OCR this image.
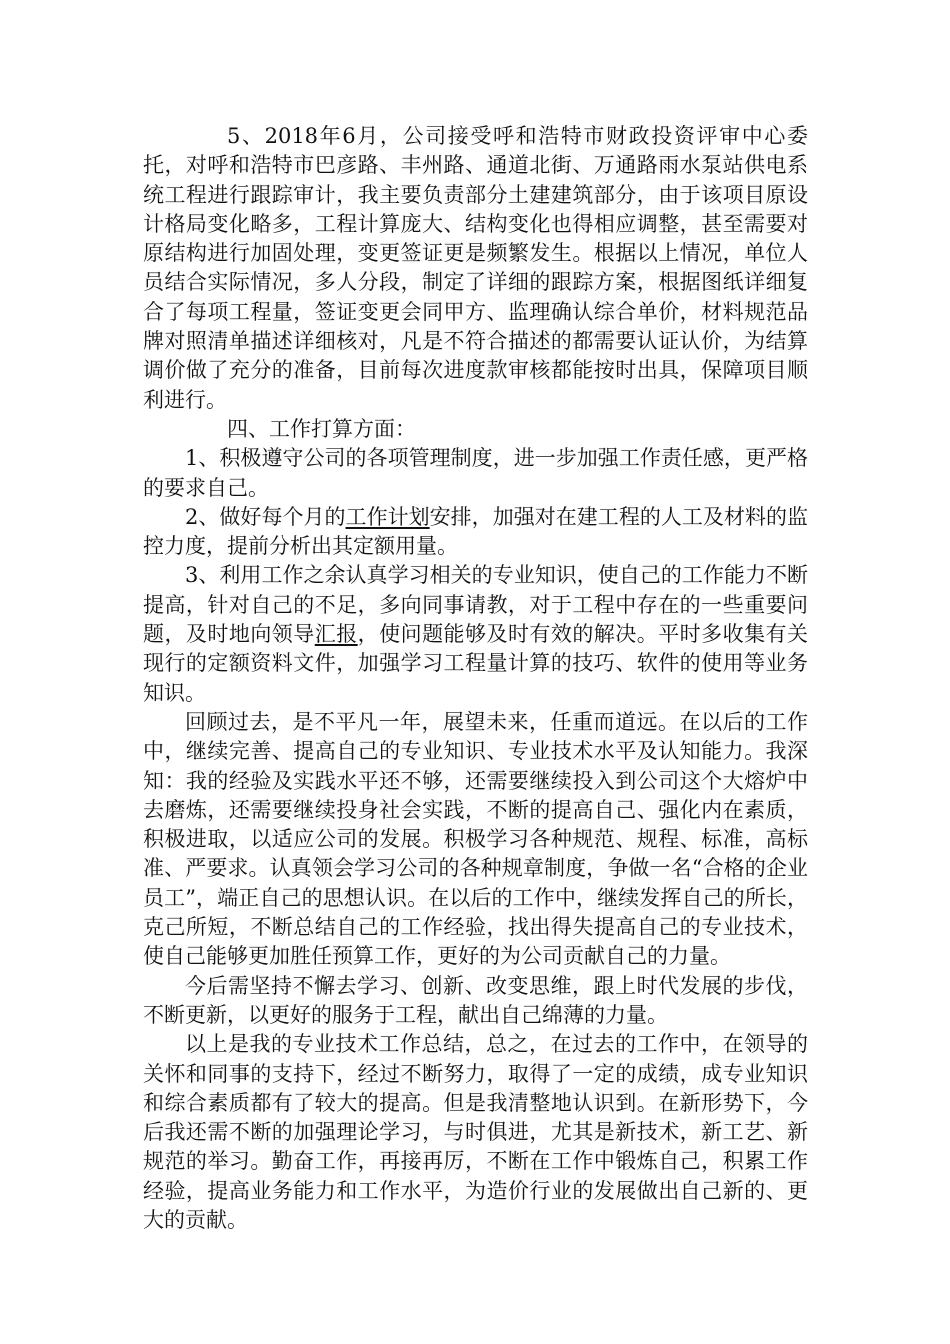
5、2018年6月，公司接受呼和浩特市财政投资评审中心委托，对呼和浩特市巴彦路、丰州路、通道北街、万通路雨水泵站供电系统工程进行跟踪审计，我主要负责部分土建建筑部分，由于该项目原设计格局变化略多，工程计算庞大、结构变化也得相应调整，甚至需要对原结构进行加固处理，变更签证更是频繁发生。根据以上情况，单位人员结合实际情况，多人分段，制定了详细的跟踪方案，根据图纸详细复合了每项工程量，签证变更会同甲方、监理确认综合单价，材料规范品牌对照清单描述详细核对，凡是不符合描述的都需要认证认价，为结算调价做了充分的准备，目前每次进度款审核都能按时出具，保障项目顺利进行。

四、工作打算方面：

1、积极遵守公司的各项管理制度，进一步加强工作责任感，更严格的要求自己。

2、做好每个月的工作计划安排，加强对在建工程的人工及材料的监控力度，提前分析出其定额用量。

3、利用工作之余认真学习相关的专业知识，使自己的工作能力不断提高，针对自己的不足，多向同事请教，对于工程中存在的一些重要问题，及时地向领导汇报，使问题能够及时有效的解决。平时多收集有关现行的定额资料文件，加强学习工程量计算的技巧、软件的使用等业务知识。

回顾过去，是不平凡一年，展望未来，任重而道远。在以后的工作中，继续完善、提高自己的专业知识、专业技术水平及认知能力。我深知：我的经验及实践水平还不够，还需要继续投入到公司这个大熔炉中去磨炼，还需要继续投身社会实践，不断的提高自己、强化内在素质，积极进取，以适应公司的发展。积极学习各种规范、规程、标准，高标准、严要求。认真领会学习公司的各种规章制度，争做一名“合格的企业员工”，端正自己的思想认识。在以后的工作中，继续发挥自己的所长，克己所短，不断总结自己的工作经验，找出得失提高自己的专业技术，使自己能够更加胜任预算工作，更好的为公司贡献自己的力量。

今后需坚持不懈去学习、创新、改变思维，跟上时代发展的步伐，不断更新，以更好的服务于工程，献出自己绵薄的力量。

以上是我的专业技术工作总结，总之，在过去的工作中，在领导的关怀和同事的支持下，经过不断努力，取得了一定的成绩，成专业知识和综合素质都有了较大的提高。但是我清整地认识到。在新形势下，今后我还需不断的加强理论学习，与时俱进，尤其是新技术，新工艺、新规范的举习。勤奋工作，再接再厉，不断在工作中锻炼自己，积累工作经验，提高业务能力和工作水平，为造价行业的发展做出自己新的、更大的贡献。
